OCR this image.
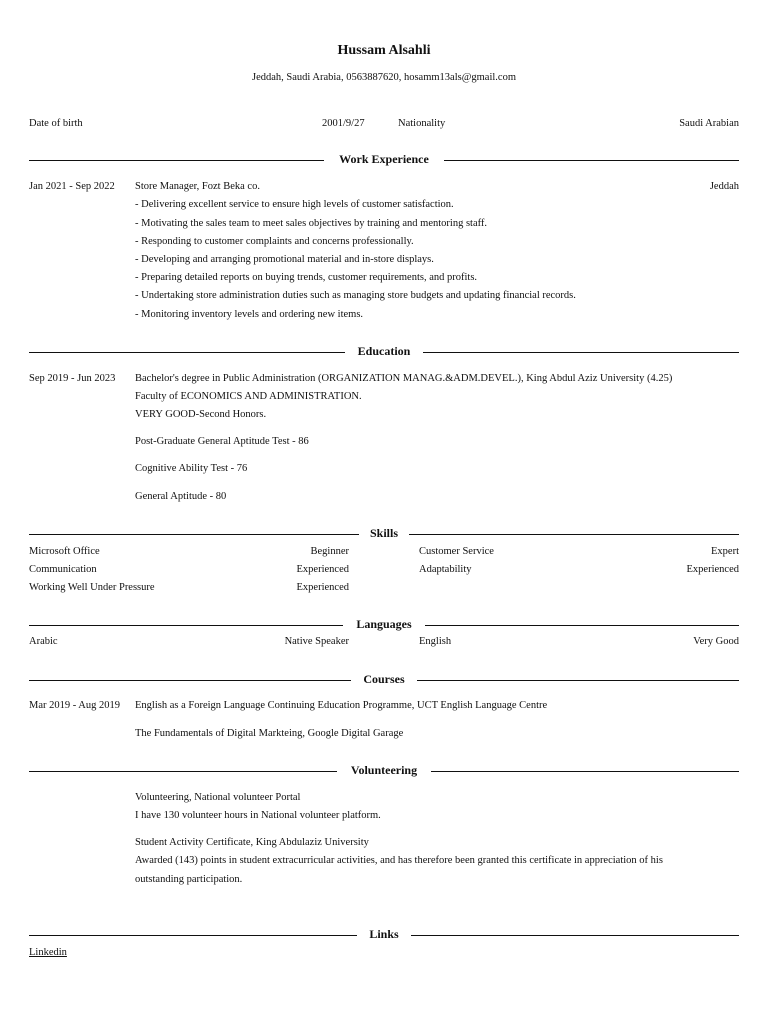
Hussam Alsahli
Jeddah, Saudi Arabia, 0563887620, hosamm13als@gmail.com
Date of birth	2001/9/27	Nationality	Saudi Arabian
Work Experience
Jan 2021 - Sep 2022 Store Manager, Fozt Beka co.	Jeddah
- Delivering excellent service to ensure high levels of customer satisfaction.
- Motivating the sales team to meet sales objectives by training and mentoring staff.
- Responding to customer complaints and concerns professionally.
- Developing and arranging promotional material and in-store displays.
- Preparing detailed reports on buying trends, customer requirements, and profits.
- Undertaking store administration duties such as managing store budgets and updating financial records.
- Monitoring inventory levels and ordering new items.
Education
Sep 2019 - Jun 2023 Bachelor's degree in Public Administration (ORGANIZATION MANAG.&ADM.DEVEL.), King Abdul Aziz University (4.25)
Faculty of ECONOMICS AND ADMINISTRATION.
VERY GOOD-Second Honors.
Post-Graduate General Aptitude Test - 86
Cognitive Ability Test - 76
General Aptitude - 80
Skills
Microsoft Office	Beginner	Customer Service	Expert
Communication	Experienced	Adaptability	Experienced
Working Well Under Pressure	Experienced
Languages
Arabic	Native Speaker	English	Very Good
Courses
Mar 2019 - Aug 2019 English as a Foreign Language Continuing Education Programme, UCT English Language Centre
The Fundamentals of Digital Markteing, Google Digital Garage
Volunteering
Volunteering, National volunteer Portal
I have 130 volunteer hours in National volunteer platform.
Student Activity Certificate, King Abdulaziz University
Awarded (143) points in student extracurricular activities, and has therefore been granted this certificate in appreciation of his
outstanding participation.
Links
Linkedin
